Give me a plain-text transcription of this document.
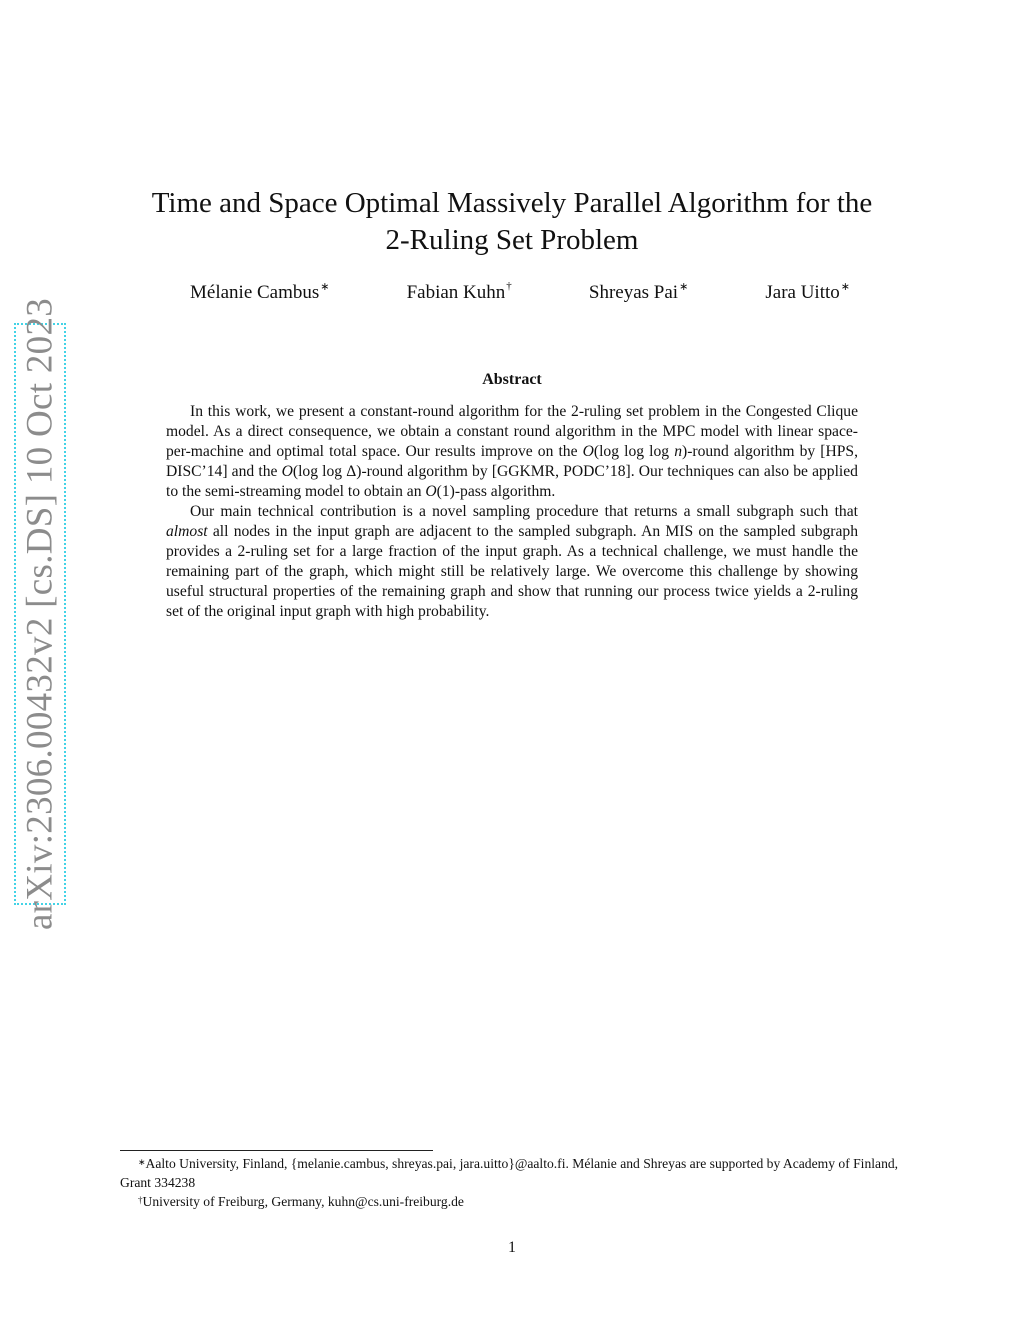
arXiv:2306.00432v2 [cs.DS] 10 Oct 2023
Time and Space Optimal Massively Parallel Algorithm for the
2-Ruling Set Problem
Mélanie Cambus∗	Fabian Kuhn†	Shreyas Pai∗	Jara Uitto∗
Abstract

In this work, we present a constant-round algorithm for the 2-ruling set problem in the Congested Clique model. As a direct consequence, we obtain a constant round algorithm in the MPC model with linear space-per-machine and optimal total space. Our results improve on the O(log log log n)-round algorithm by [HPS, DISC’14] and the O(log log Δ)-round algorithm by [GGKMR, PODC’18]. Our techniques can also be applied to the semi-streaming model to obtain an O(1)-pass algorithm.

Our main technical contribution is a novel sampling procedure that returns a small subgraph such that almost all nodes in the input graph are adjacent to the sampled subgraph. An MIS on the sampled subgraph provides a 2-ruling set for a large fraction of the input graph. As a technical challenge, we must handle the remaining part of the graph, which might still be relatively large. We overcome this challenge by showing useful structural properties of the remaining graph and show that running our process twice yields a 2-ruling set of the original input graph with high probability.

∗Aalto University, Finland, {melanie.cambus, shreyas.pai, jara.uitto}@aalto.fi. Mélanie and Shreyas are supported by Academy of Finland, Grant 334238

†University of Freiburg, Germany, kuhn@cs.uni-freiburg.de

1
